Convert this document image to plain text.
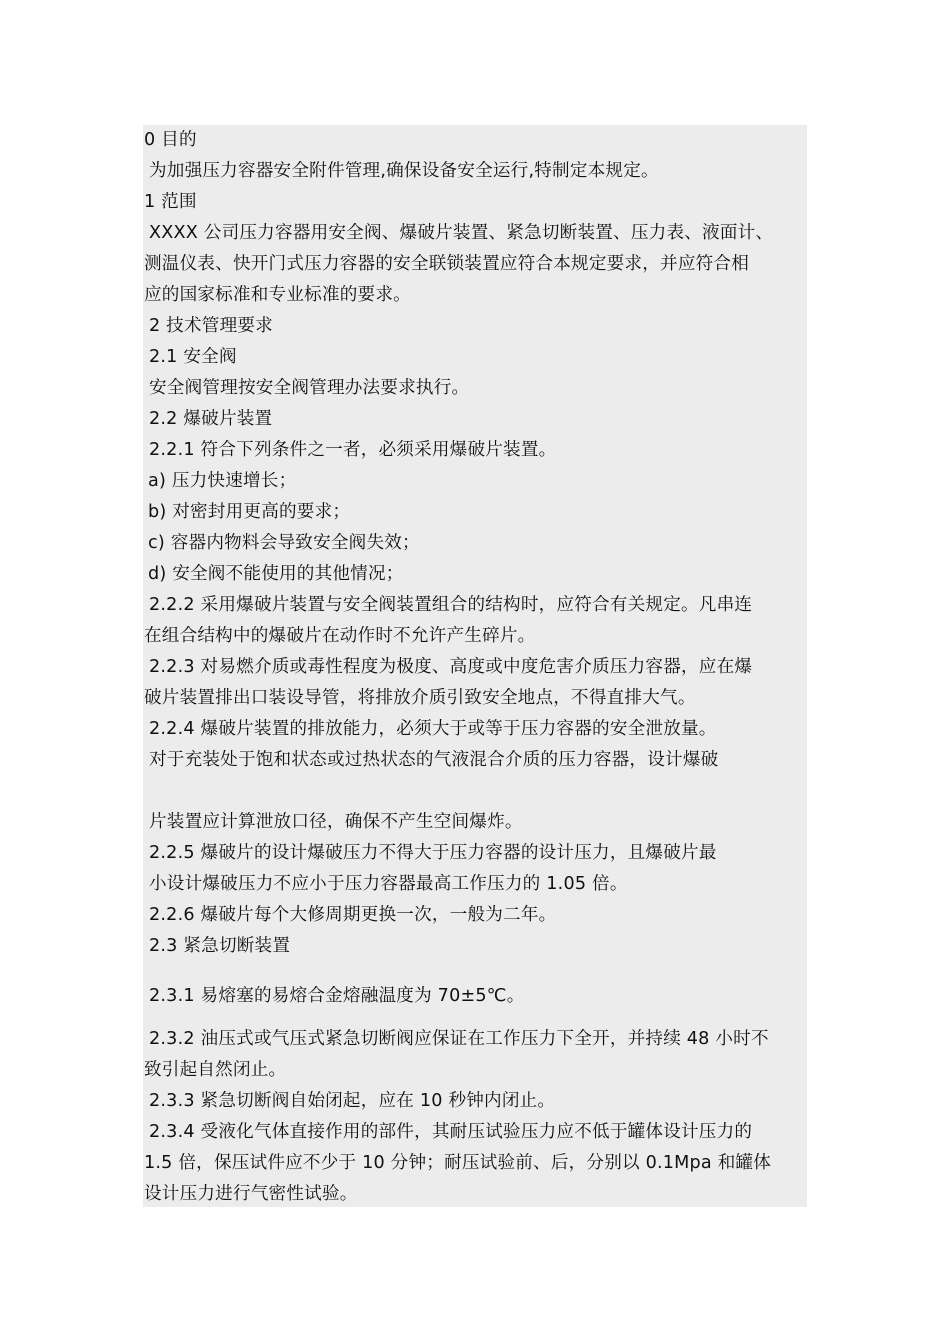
0 目的
为加强压力容器安全附件管理,确保设备安全运行,特制定本规定。
1 范围
XXXX 公司压力容器用安全阀、爆破片装置、紧急切断装置、压力表、液面计、
测温仪表、快开门式压力容器的安全联锁装置应符合本规定要求，并应符合相
应的国家标准和专业标准的要求。
2 技术管理要求
2.1 安全阀
安全阀管理按安全阀管理办法要求执行。
2.2 爆破片装置
2.2.1 符合下列条件之一者，必须采用爆破片装置。
a) 压力快速增长；
b) 对密封用更高的要求；
c) 容器内物料会导致安全阀失效；
d) 安全阀不能使用的其他情况；
2.2.2 采用爆破片装置与安全阀装置组合的结构时，应符合有关规定。凡串连
在组合结构中的爆破片在动作时不允许产生碎片。
2.2.3 对易燃介质或毒性程度为极度、高度或中度危害介质压力容器，应在爆
破片装置排出口装设导管，将排放介质引致安全地点，不得直排大气。
2.2.4 爆破片装置的排放能力，必须大于或等于压力容器的安全泄放量。
对于充装处于饱和状态或过热状态的气液混合介质的压力容器，设计爆破
片装置应计算泄放口径，确保不产生空间爆炸。
2.2.5 爆破片的设计爆破压力不得大于压力容器的设计压力，且爆破片最
小设计爆破压力不应小于压力容器最高工作压力的 1.05 倍。
2.2.6 爆破片每个大修周期更换一次，一般为二年。
2.3 紧急切断装置
2.3.1 易熔塞的易熔合金熔融温度为 70±5℃。
2.3.2 油压式或气压式紧急切断阀应保证在工作压力下全开，并持续 48 小时不
致引起自然闭止。
2.3.3 紧急切断阀自始闭起，应在 10 秒钟内闭止。
2.3.4 受液化气体直接作用的部件，其耐压试验压力应不低于罐体设计压力的
1.5 倍，保压试件应不少于 10 分钟；耐压试验前、后，分别以 0.1Mpa 和罐体
设计压力进行气密性试验。
